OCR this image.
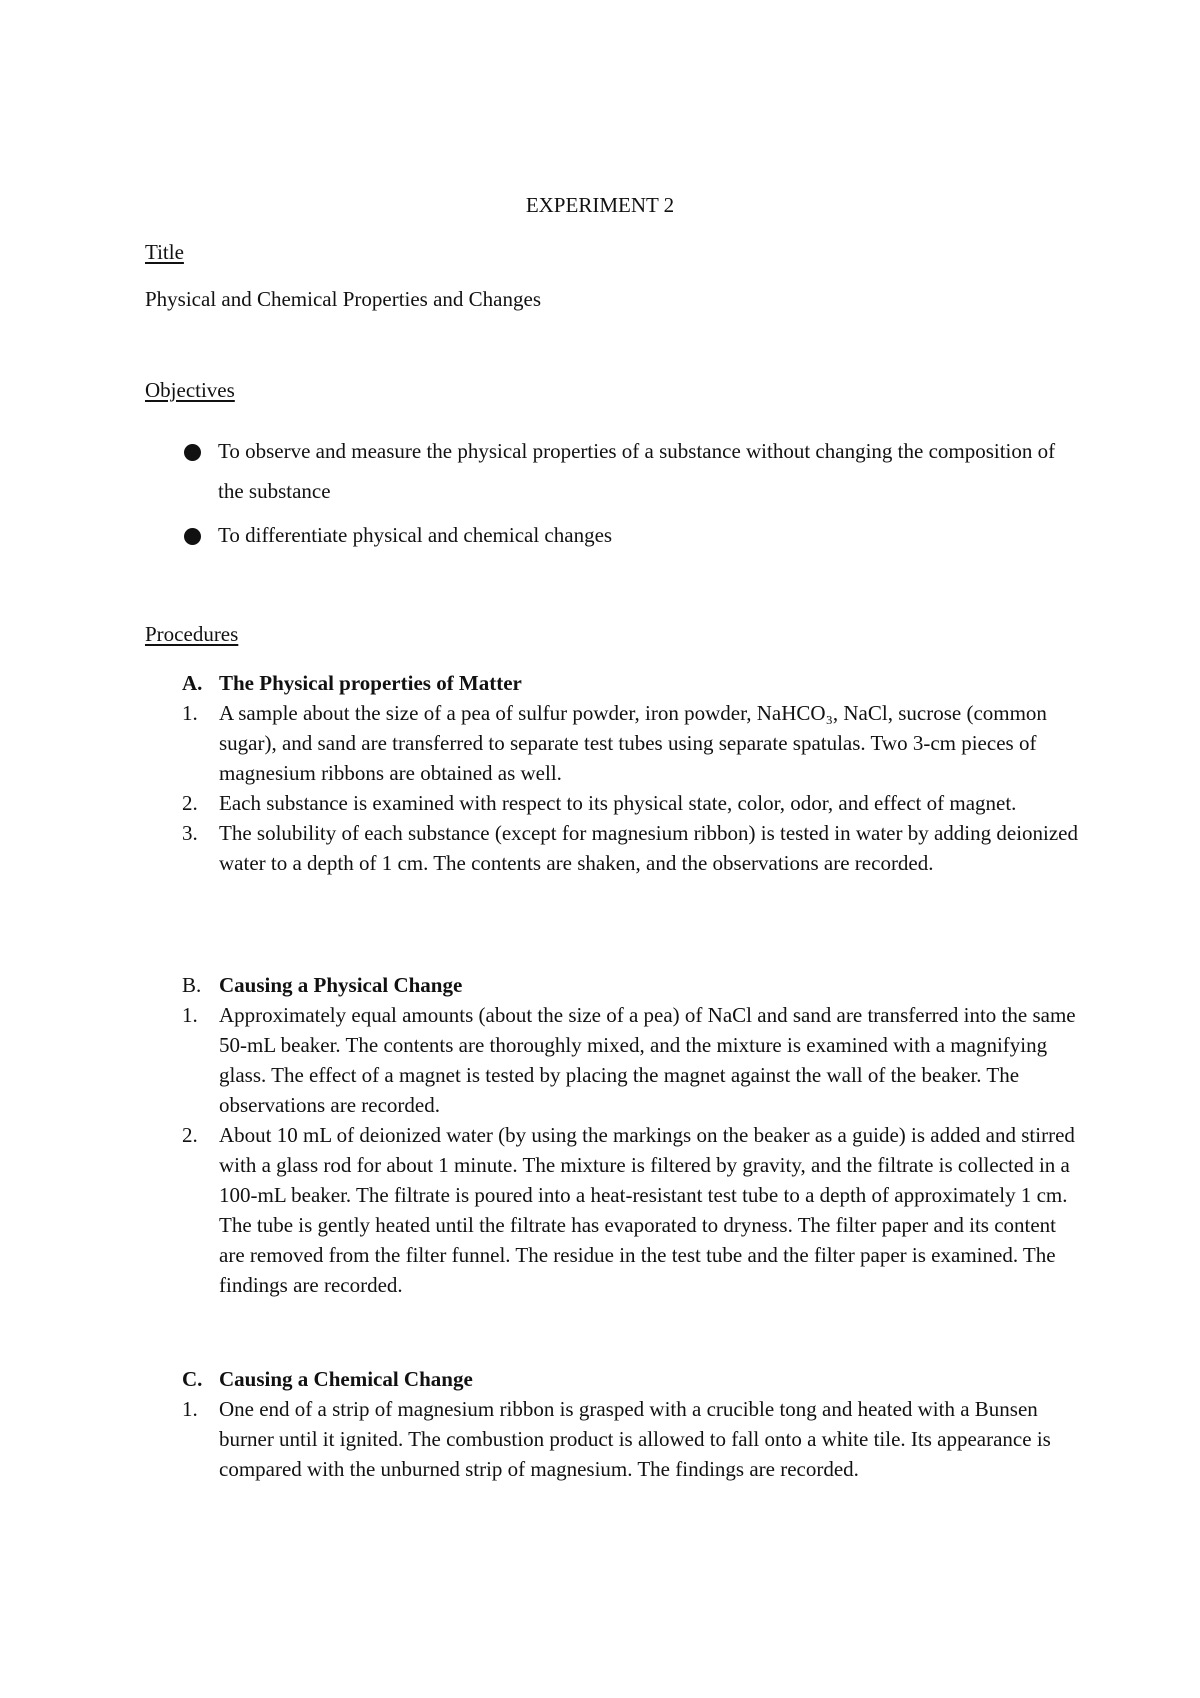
EXPERIMENT 2
Title
Physical and Chemical Properties and Changes
Objectives
To observe and measure the physical properties of a substance without changing the composition of the substance
To differentiate physical and chemical changes
Procedures
A. The Physical properties of Matter
1. A sample about the size of a pea of sulfur powder, iron powder, NaHCO₃, NaCl, sucrose (common sugar), and sand are transferred to separate test tubes using separate spatulas. Two 3-cm pieces of magnesium ribbons are obtained as well.
2. Each substance is examined with respect to its physical state, color, odor, and effect of magnet.
3. The solubility of each substance (except for magnesium ribbon) is tested in water by adding deionized water to a depth of 1 cm. The contents are shaken, and the observations are recorded.
B. Causing a Physical Change
1. Approximately equal amounts (about the size of a pea) of NaCl and sand are transferred into the same 50-mL beaker. The contents are thoroughly mixed, and the mixture is examined with a magnifying glass. The effect of a magnet is tested by placing the magnet against the wall of the beaker. The observations are recorded.
2. About 10 mL of deionized water (by using the markings on the beaker as a guide) is added and stirred with a glass rod for about 1 minute. The mixture is filtered by gravity, and the filtrate is collected in a 100-mL beaker. The filtrate is poured into a heat-resistant test tube to a depth of approximately 1 cm. The tube is gently heated until the filtrate has evaporated to dryness. The filter paper and its content are removed from the filter funnel. The residue in the test tube and the filter paper is examined. The findings are recorded.
C. Causing a Chemical Change
1. One end of a strip of magnesium ribbon is grasped with a crucible tong and heated with a Bunsen burner until it ignited. The combustion product is allowed to fall onto a white tile. Its appearance is compared with the unburned strip of magnesium. The findings are recorded.
